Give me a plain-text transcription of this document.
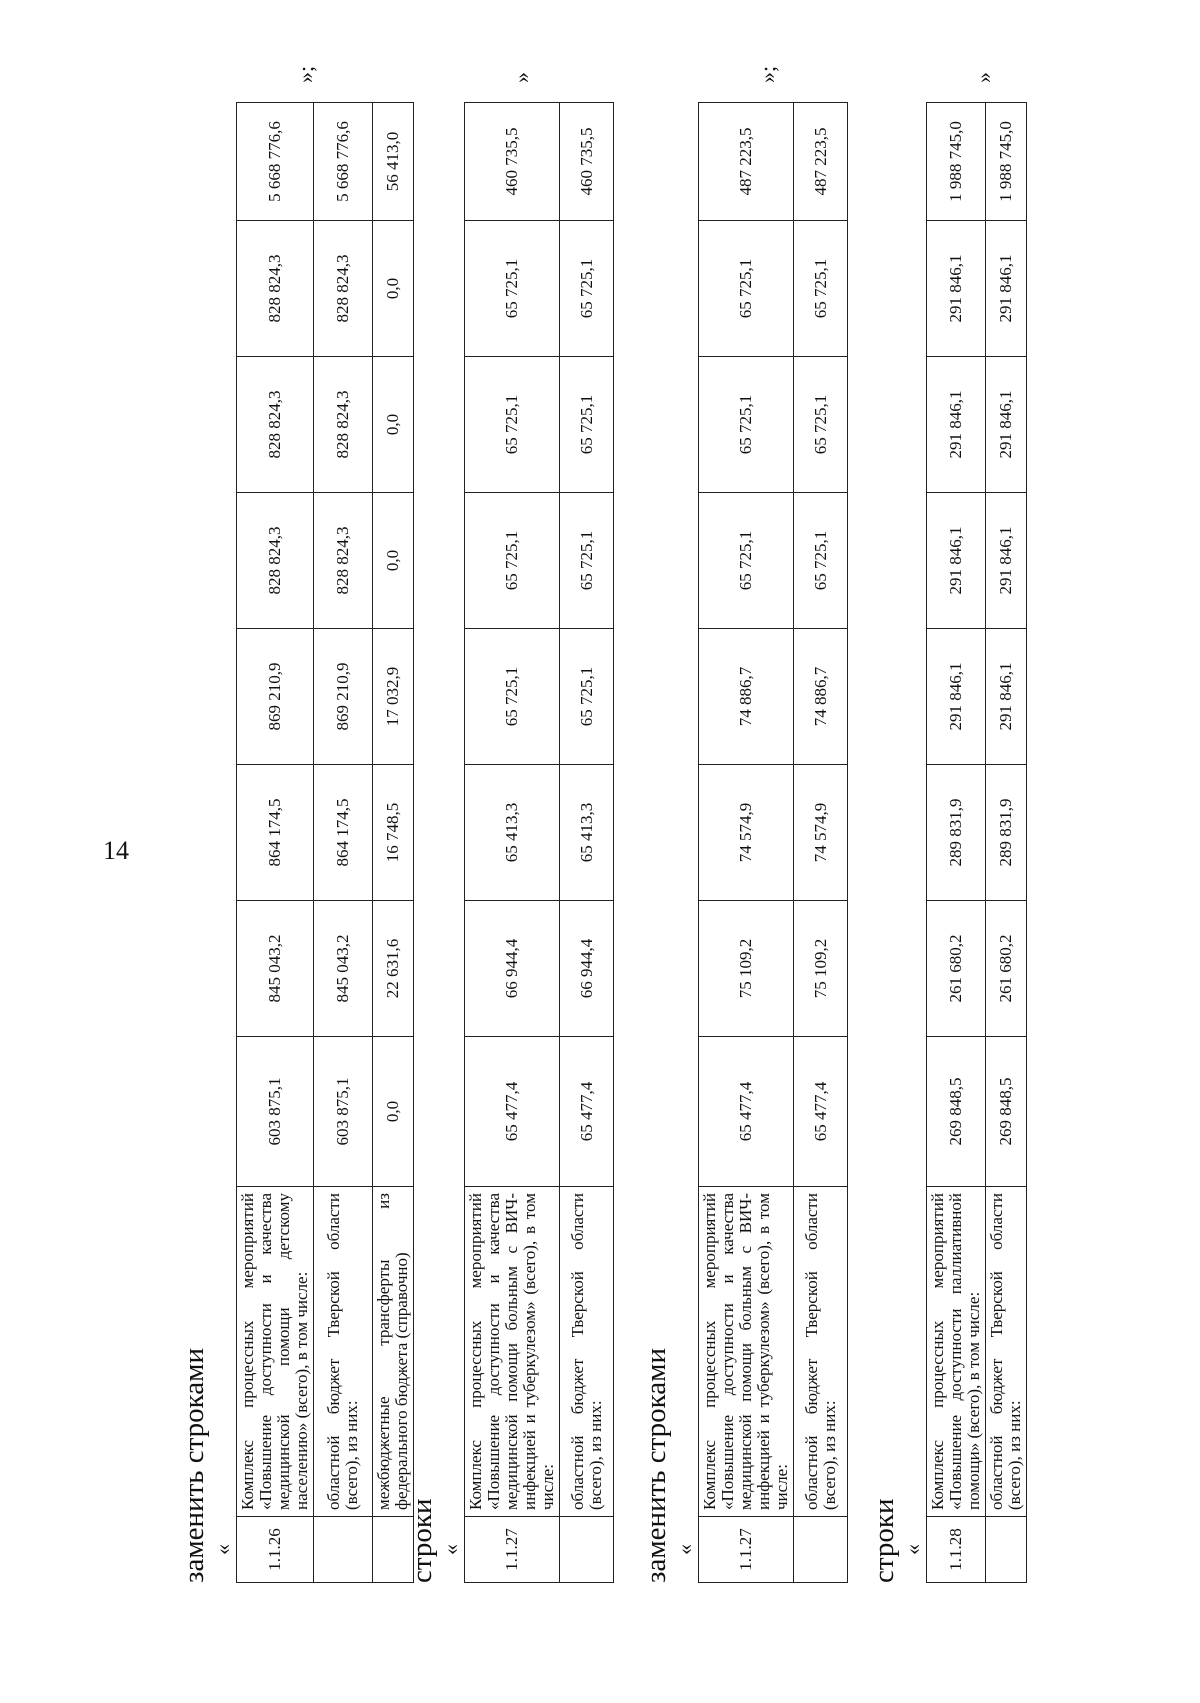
14
заменить строками « 1.1.26	Комплекс процессных мероприятий «Повышение доступности и качества медицинской помощи детскому населению» (всего), в том числе:	603 875,1	845 043,2	864 174,5	869 210,9	828 824,3	828 824,3	828 824,3	5 668 776,6
	областной бюджет Тверской области (всего), из них:	603 875,1	845 043,2	864 174,5	869 210,9	828 824,3	828 824,3	828 824,3	5 668 776,6
	межбюджетные трансферты из федерального бюджета (справочно)	0,0	22 631,6	16 748,5	17 032,9	0,0	0,0	0,0	56 413,0
»;
строки « 1.1.27	Комплекс процессных мероприятий «Повышение доступности и качества медицинской помощи больным с ВИЧ-инфекцией и туберкулезом» (всего), в том числе:	65 477,4	66 944,4	65 413,3	65 725,1	65 725,1	65 725,1	65 725,1	460 735,5
	областной бюджет Тверской области (всего), из них:	65 477,4	66 944,4	65 413,3	65 725,1	65 725,1	65 725,1	65 725,1	460 735,5
»
заменить строками « 1.1.27	Комплекс процессных мероприятий «Повышение доступности и качества медицинской помощи больным с ВИЧ-инфекцией и туберкулезом» (всего), в том числе:	65 477,4	75 109,2	74 574,9	74 886,7	65 725,1	65 725,1	65 725,1	487 223,5
	областной бюджет Тверской области (всего), из них:	65 477,4	75 109,2	74 574,9	74 886,7	65 725,1	65 725,1	65 725,1	487 223,5
»;
строки « 1.1.28	Комплекс процессных мероприятий «Повышение доступности паллиативной помощи» (всего), в том числе:	269 848,5	261 680,2	289 831,9	291 846,1	291 846,1	291 846,1	291 846,1	1 988 745,0
	областной бюджет Тверской области (всего), из них:	269 848,5	261 680,2	289 831,9	291 846,1	291 846,1	291 846,1	291 846,1	1 988 745,0
»
